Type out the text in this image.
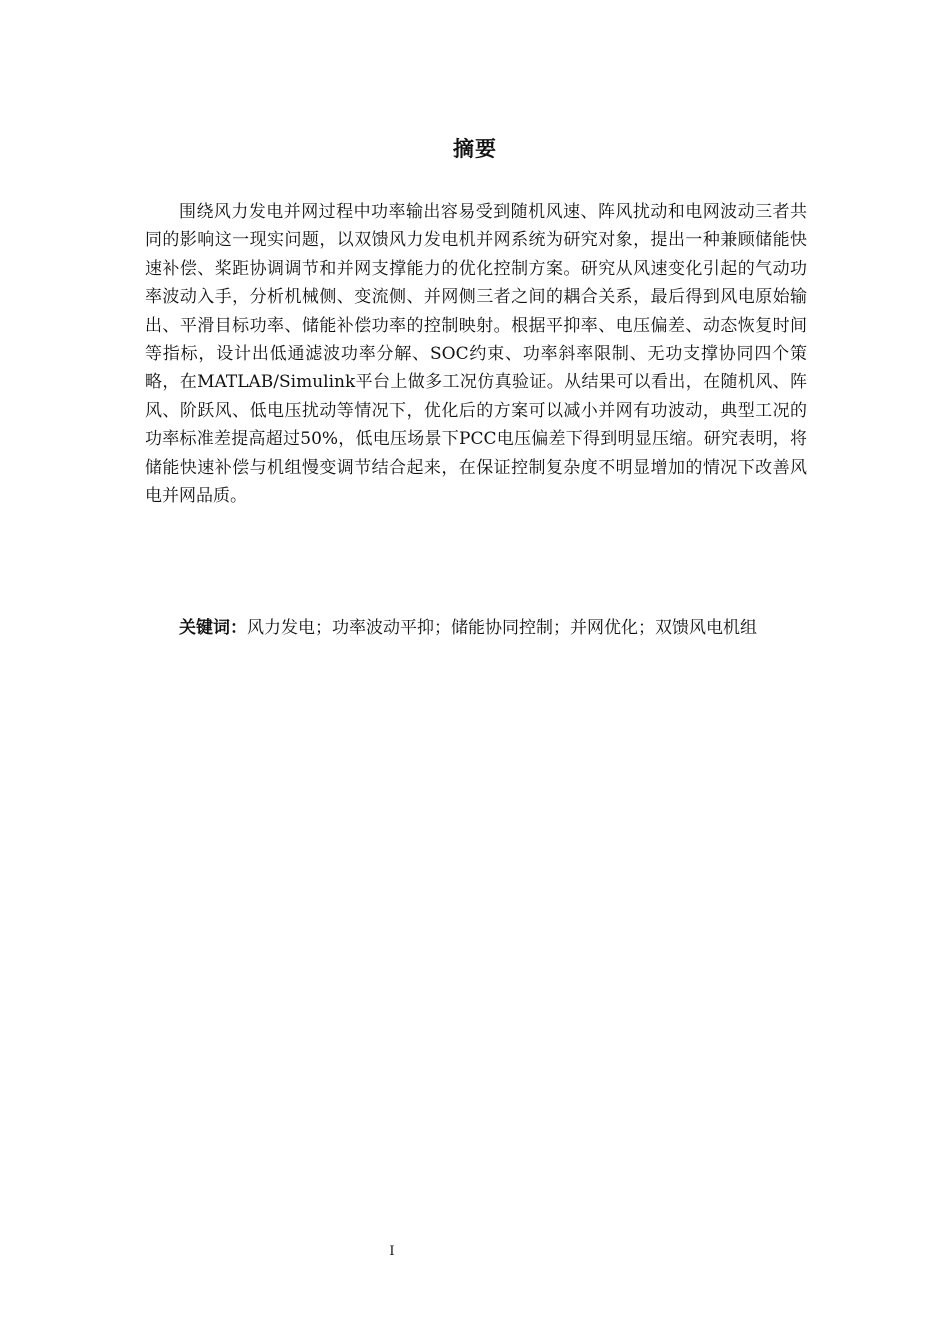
摘要

围绕风力发电并网过程中功率输出容易受到随机风速、阵风扰动和电网波动三者共同的影响这一现实问题，以双馈风力发电机并网系统为研究对象，提出一种兼顾储能快速补偿、桨距协调调节和并网支撑能力的优化控制方案。研究从风速变化引起的气动功率波动入手，分析机械侧、变流侧、并网侧三者之间的耦合关系，最后得到风电原始输出、平滑目标功率、储能补偿功率的控制映射。根据平抑率、电压偏差、动态恢复时间等指标，设计出低通滤波功率分解、SOC约束、功率斜率限制、无功支撑协同四个策略，在MATLAB/Simulink平台上做多工况仿真验证。从结果可以看出，在随机风、阵风、阶跃风、低电压扰动等情况下，优化后的方案可以减小并网有功波动，典型工况的功率标准差提高超过50%，低电压场景下PCC电压偏差下得到明显压缩。研究表明，将储能快速补偿与机组慢变调节结合起来，在保证控制复杂度不明显增加的情况下改善风电并网品质。

关键词：风力发电；功率波动平抑；储能协同控制；并网优化；双馈风电机组

I
